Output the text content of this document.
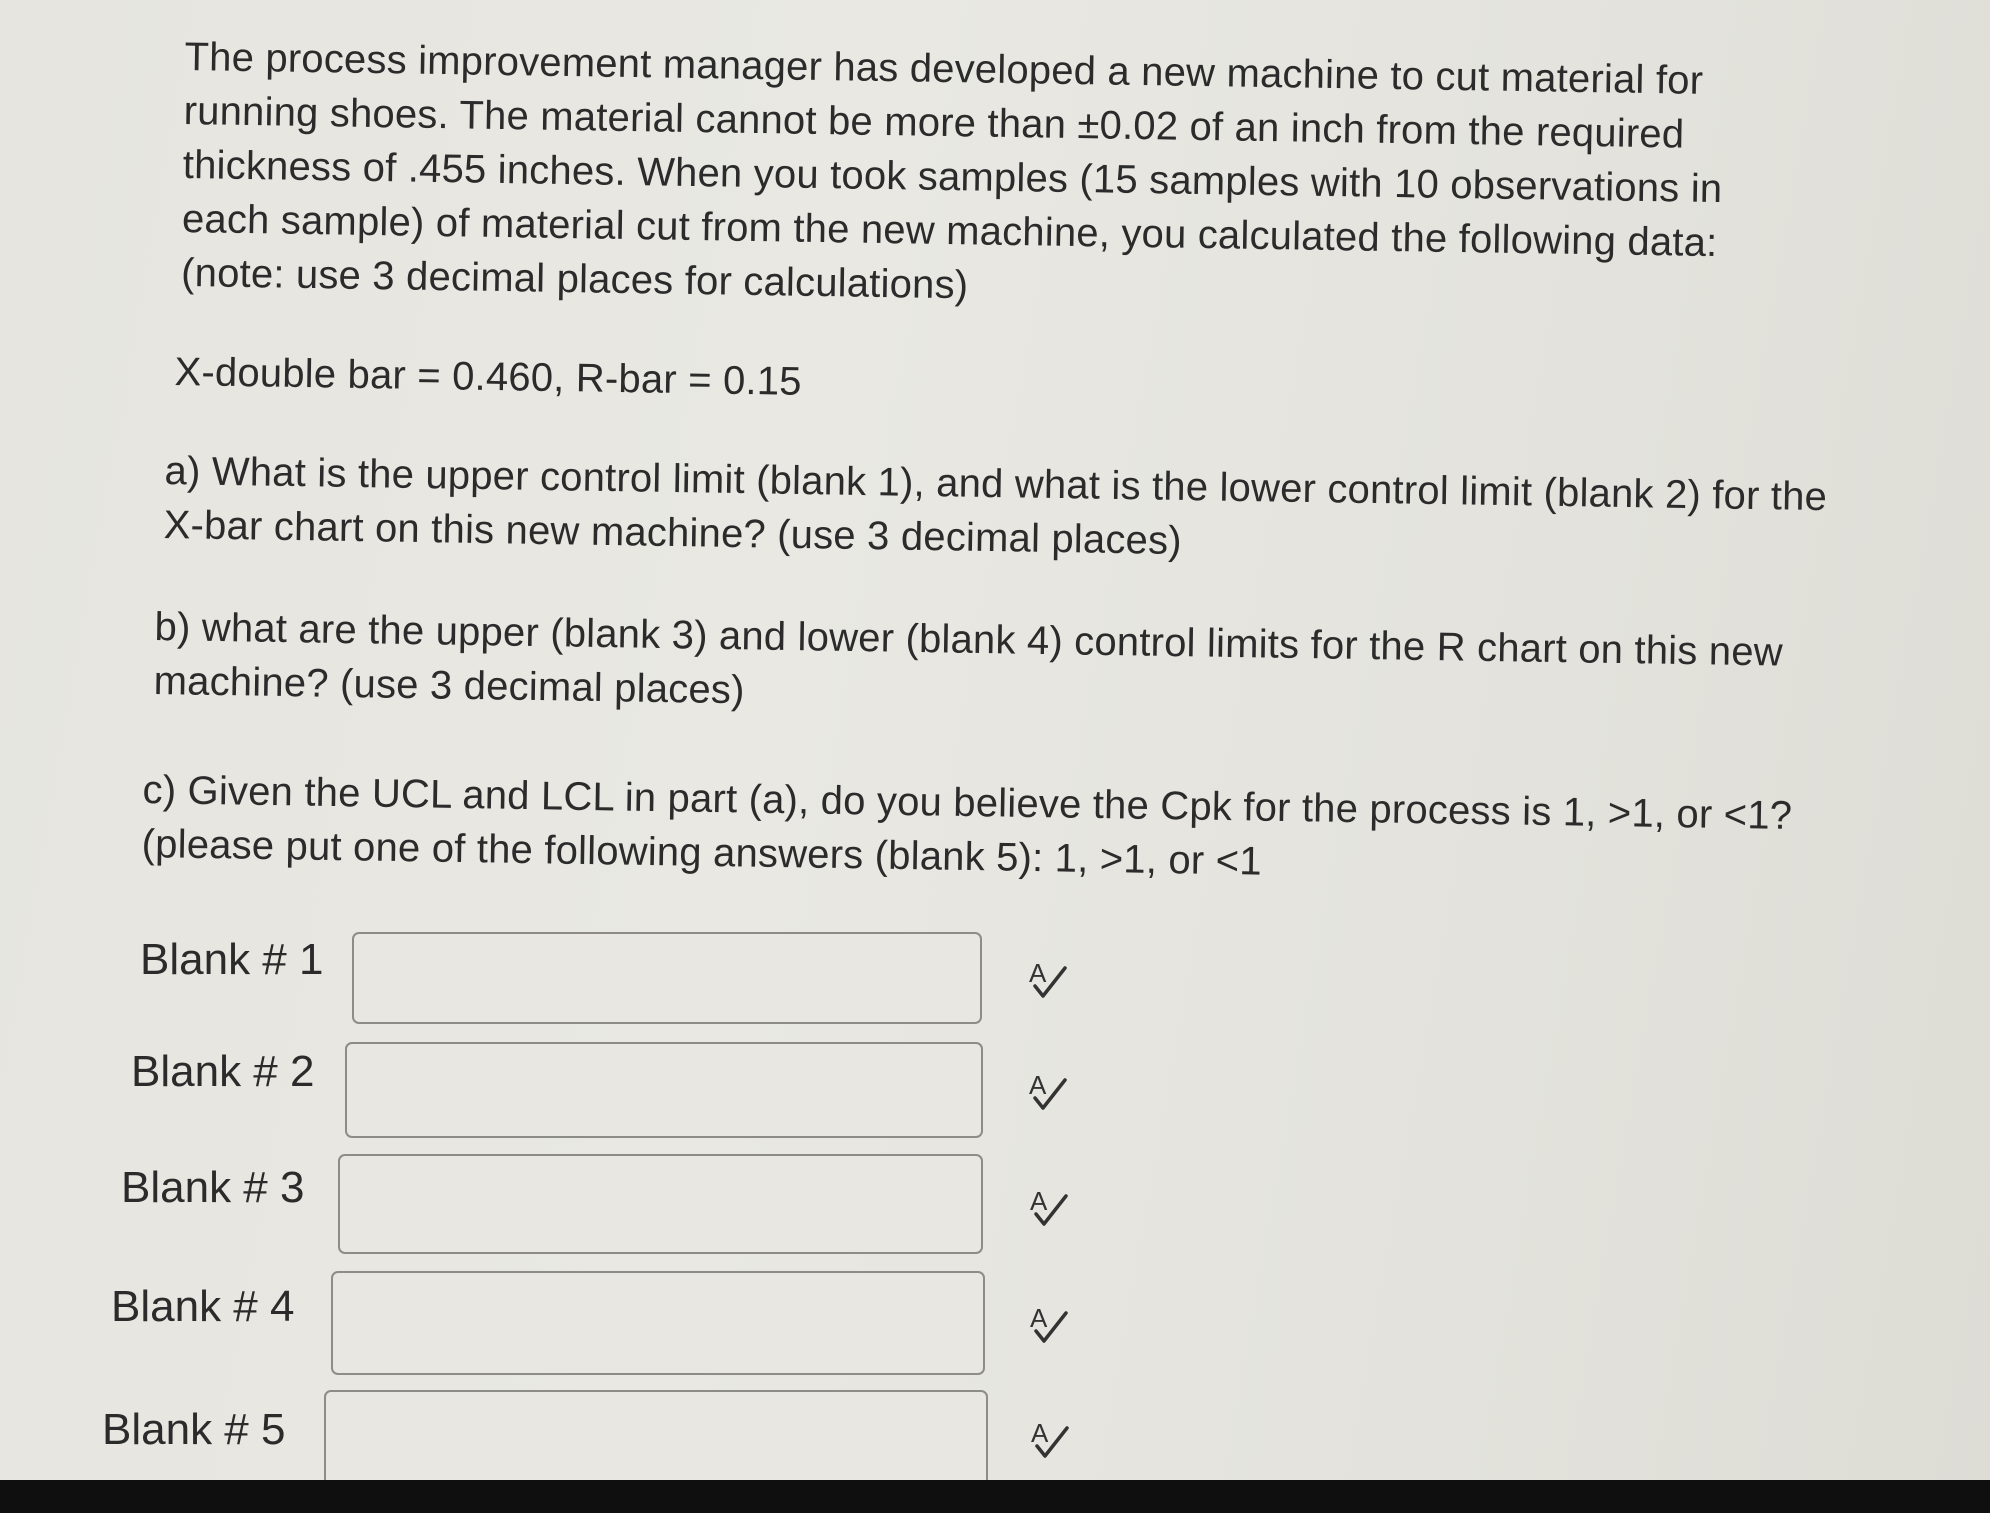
The process improvement manager has developed a new machine to cut material for running shoes. The material cannot be more than ±0.02 of an inch from the required thickness of .455 inches. When you took samples (15 samples with 10 observations in each sample) of material cut from the new machine, you calculated the following data: (note: use 3 decimal places for calculations)
X-double bar = 0.460, R-bar = 0.15
a) What is the upper control limit (blank 1), and what is the lower control limit (blank 2) for the X-bar chart on this new machine? (use 3 decimal places)
b) what are the upper (blank 3) and lower (blank 4) control limits for the R chart on this new machine? (use 3 decimal places)
c) Given the UCL and LCL in part (a), do you believe the Cpk for the process is 1, >1, or <1? (please put one of the following answers (blank 5): 1, >1, or <1
Blank # 1	A
Blank # 2	A
Blank # 3	A
Blank # 4	A
Blank # 5	A
